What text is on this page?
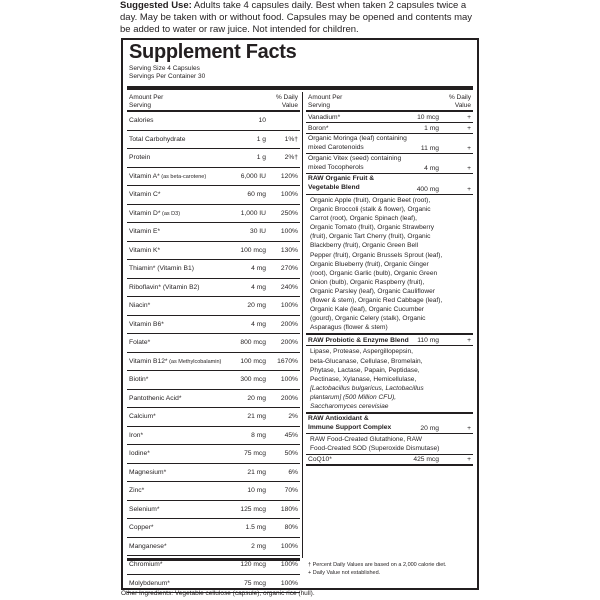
Suggested Use: Adults take 4 capsules daily. Best when taken 2 capsules twice a day. May be taken with or without food. Capsules may be opened and contents may be added to water or raw juice. Not intended for children.
Supplement Facts
Serving Size 4 Capsules
Servings Per Container 30
Amount Per
Serving
% Daily
Value
Calories	10
Total Carbohydrate	1 g	1%†
Protein	1 g	2%†
Vitamin A* (as beta-carotene)	6,000 IU 120%
Vitamin C*	60 mg 100%
Vitamin D* (as D3)	1,000 IU 250%
Vitamin E*	30 IU 100%
Vitamin K*	100 mcg 130%
Thiamin* (Vitamin B1)	4 mg 270%
Riboflavin* (Vitamin B2)	4 mg 240%
Niacin*	20 mg 100%
Vitamin B6*	4 mg 200%
Folate*	800 mcg 200%
Vitamin B12* (as Methylcobalamin)	100 mcg 1670%
Biotin*	300 mcg 100%
Pantothenic Acid*	20 mg 200%
Calcium*	21 mg	2%
Iron*	8 mg	45%
Iodine*	75 mcg	50%
Magnesium*	21 mg	6%
Zinc*	10 mg	70%
Selenium*	125 mcg 180%
Copper*	1.5 mg	80%
Manganese*	2 mg 100%
Chromium*	120 mcg 100%
Molybdenum*	75 mcg 100%
Amount Per
Serving
% Daily
Value
Vanadium*	10 mcg	+
Boron*	1 mg	+
Organic Moringa (leaf) containing
mixed Carotenoids	11 mg	+
Organic Vitex (seed) containing
mixed Tocopherols	4 mg	+
RAW Organic Fruit &
Vegetable Blend	400 mg	+
Organic Apple (fruit), Organic Beet (root),
Organic Broccoli (stalk & flower), Organic
Carrot (root), Organic Spinach (leaf),
Organic Tomato (fruit), Organic Strawberry
(fruit), Organic Tart Cherry (fruit), Organic
Blackberry (fruit), Organic Green Bell
Pepper (fruit), Organic Brussels Sprout (leaf),
Organic Blueberry (fruit), Organic Ginger
(root), Organic Garlic (bulb), Organic Green
Onion (bulb), Organic Raspberry (fruit),
Organic Parsley (leaf), Organic Cauliflower
(flower & stem), Organic Red Cabbage (leaf),
Organic Kale (leaf), Organic Cucumber
(gourd), Organic Celery (stalk), Organic
Asparagus (flower & stem)
RAW Probiotic & Enzyme Blend 110 mg	+
Lipase, Protease, Aspergillopepsin,
beta-Glucanase, Cellulase, Bromelain,
Phytase, Lactase, Papain, Peptidase,
Pectinase, Xylanase, Hemicellulase,
[Lactobacillus bulgaricus, Lactobacillus
plantarum] (500 Million CFU),
Saccharomyces cerevisiae
RAW Antioxidant &
Immune Support Complex	20 mg	+
RAW Food-Created Glutathione, RAW
Food-Created SOD (Superoxide Dismutase)
CoQ10*	425 mcg	+
† Percent Daily Values are based on a 2,000 calorie diet.
+ Daily Value not established.
Other Ingredients: Vegetable cellulose (capsule), organic rice (hull).
